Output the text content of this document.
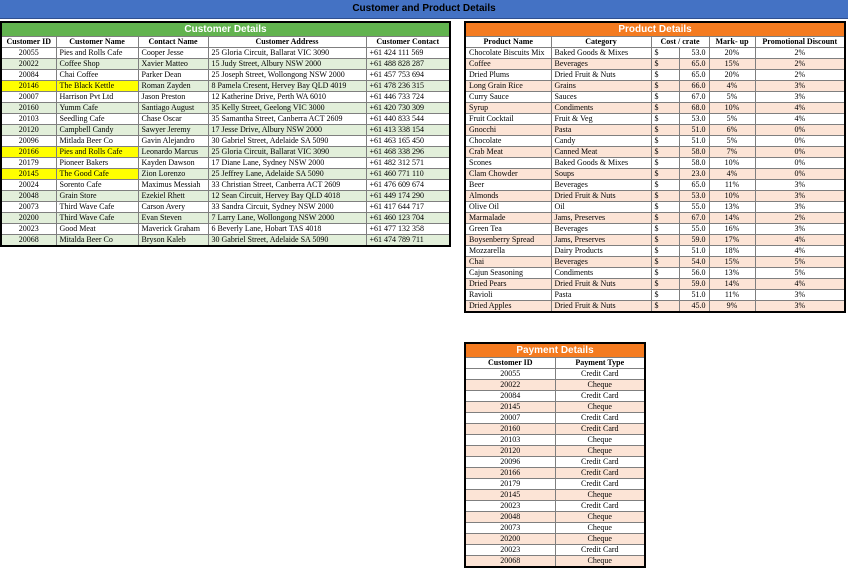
Customer and Product Details
Customer Details				
Customer ID	Customer Name	Contact Name	Customer Address	Customer Contact
20055	Pies and Rolls Cafe	Cooper Jesse	25 Gloria Circuit, Ballarat VIC 3090	+61 424 111 569
20022	Coffee Shop	Xavier Matteo	15 Judy Street, Albury NSW 2000	+61 488 828 287
20084	Chai Coffee	Parker Dean	25 Joseph Street, Wollongong NSW 2000	+61 457 753 694
20146	The Black Kettle	Roman Zayden	8 Pamela Cresent, Hervey Bay QLD 4019	+61 478 236 315
20007	Harrison Pvt Ltd	Jason Preston	12 Katherine Drive, Perth WA 6010	+61 446 733 724
20160	Yumm Cafe	Santiago August	35 Kelly Street, Geelong VIC 3000	+61 420 730 309
20103	Seedling Cafe	Chase Oscar	35 Samantha Street, Canberra ACT 2609	+61 440 833 544
20120	Campbell Candy	Sawyer Jeremy	17 Jesse Drive, Albury NSW 2000	+61 413 338 154
20096	Mitlada Beer Co	Gavin Alejandro	30 Gabriel Street, Adelaide SA 5090	+61 463 165 450
20166	Pies and Rolls Cafe	Leonardo Marcus	25 Gloria Circuit, Ballarat VIC 3090	+61 468 338 296
20179	Pioneer Bakers	Kayden Dawson	17 Diane Lane, Sydney NSW 2000	+61 482 312 571
20145	The Good Cafe	Zion Lorenzo	25 Jeffrey Lane, Adelaide SA 5090	+61 460 771 110
20024	Sorento Cafe	Maximus Messiah	33 Christian Street, Canberra ACT 2609	+61 476 609 674
20048	Grain Store	Ezekiel Rhett	12 Sean Circuit, Hervey Bay QLD 4018	+61 449 174 290
20073	Third Wave Cafe	Carson Avery	33 Sandra Circuit, Sydney NSW 2000	+61 417 644 717
20200	Third Wave Cafe	Evan Steven	7 Larry Lane, Wollongong NSW 2000	+61 460 123 704
20023	Good Meat	Maverick Graham	6 Beverly Lane, Hobart TAS 4018	+61 477 132 358
20068	Mitalda Beer Co	Bryson Kaleb	30 Gabriel Street, Adelaide SA 5090	+61 474 789 711
Product Details					
Product Name	Category	Cost / crate		Mark- up	Promotional Discount
Chocolate Biscuits Mix	Baked Goods & Mixes	$	53.0	20%	2%
Coffee	Beverages	$	65.0	15%	2%
Dried Plums	Dried Fruit & Nuts	$	65.0	20%	2%
Long Grain Rice	Grains	$	66.0	4%	3%
Curry Sauce	Sauces	$	67.0	5%	3%
Syrup	Condiments	$	68.0	10%	4%
Fruit Cocktail	Fruit & Veg	$	53.0	5%	4%
Gnocchi	Pasta	$	51.0	6%	0%
Chocolate	Candy	$	51.0	5%	0%
Crab Meat	Canned Meat	$	58.0	7%	0%
Scones	Baked Goods & Mixes	$	58.0	10%	0%
Clam Chowder	Soups	$	23.0	4%	0%
Beer	Beverages	$	65.0	11%	3%
Almonds	Dried Fruit & Nuts	$	53.0	10%	3%
Olive Oil	Oil	$	55.0	13%	3%
Marmalade	Jams, Preserves	$	67.0	14%	2%
Green Tea	Beverages	$	55.0	16%	3%
Boysenberry Spread	Jams, Preserves	$	59.0	17%	4%
Mozzarella	Dairy Products	$	51.0	18%	4%
Chai	Beverages	$	54.0	15%	5%
Cajun Seasoning	Condiments	$	56.0	13%	5%
Dried Pears	Dried Fruit & Nuts	$	59.0	14%	4%
Ravioli	Pasta	$	51.0	11%	3%
Dried Apples	Dried Fruit & Nuts	$	45.0	9%	3%
Payment Details	
Customer ID	Payment Type
20055	Credit Card
20022	Cheque
20084	Credit Card
20145	Cheque
20007	Credit Card
20160	Credit Card
20103	Cheque
20120	Cheque
20096	Credit Card
20166	Credit Card
20179	Credit Card
20145	Cheque
20023	Credit Card
20048	Cheque
20073	Cheque
20200	Cheque
20023	Credit Card
20068	Cheque
